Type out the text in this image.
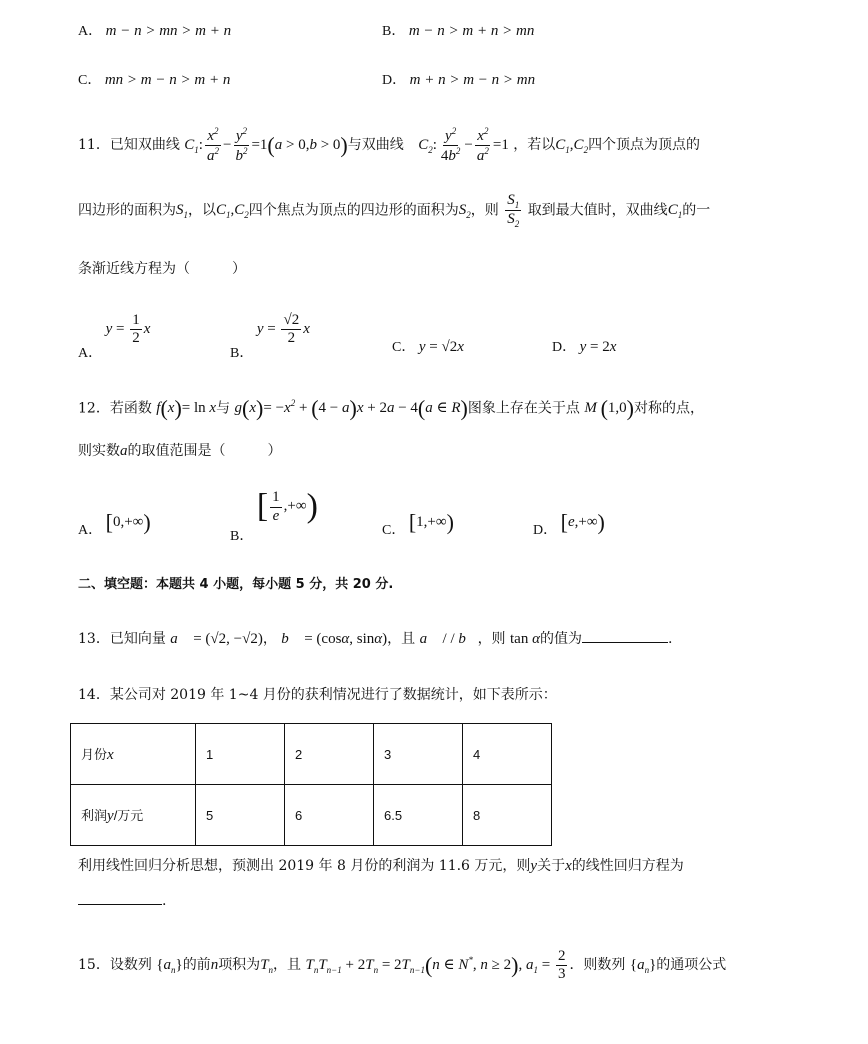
A． m − n > mn > m + n	B． m − n > m + n > mn
C． mn > m − n > m + n	D． m + n > m − n > mn
11．已知双曲线 $C_1$: $\frac{x^2}{a^2} - \frac{y^2}{b^2} =1(a > 0,b > 0)$与双曲线 $C_2$: $\frac{y^2}{4b^2} - \frac{x^2}{a^2} =1$ ，若以$C_1,C_2$四个顶点为顶点的
四边形的面积为$S_1$，以$C_1,C_2$四个焦点为顶点的四边形的面积为$S_2$，则 $\frac{S_1}{S_2}$ 取到最大值时，双曲线$C_1$的一
条渐近线方程为（　　　）
A． $y = \frac{1}{2}$ x
B． $y = \frac{√2}{2}$ x
C． y = √2x	D． y = 2x
12．若函数 f(x)= ln x与 $g(x)= -x^2 + (4 - a)x + 2a - 4(a$ ∈ R)图象上存在关于点 M (1,0)对称的点，
则实数a的取值范围是（　　　）
A． [0,+∞)
B． [ $\frac{1}{e}$ ,+∞)
C． [1,+∞)	D． [e,+∞)
二、填空题：本题共 4 小题，每小题 5 分，共 20 分.
13．已知向量 a⃗ = (√2, −√2)， b⃗ = (cosα, sinα)，且 a⃗ / / b⃗，则 tan α的值为	.
14．某公司对 2019 年 1~4 月份的获利情况进行了数据统计，如下表所示：
月份x	1	2	3	4
利润y/万元	5	6	6.5	8
利用线性回归分析思想，预测出 2019 年 8 月份的利润为 11.6 万元，则y关于x的线性回归方程为
.
15．设数列 $\{a_n\}$的前n项积为$T_n$，且 $T_nT_{n-1} + 2T_n = 2T_{n-1}(n$ ∈ N*, n ≥ 2), $a_1 = \frac{2}{3}$ ．则数列 $\{a_n\}$的通项公式
